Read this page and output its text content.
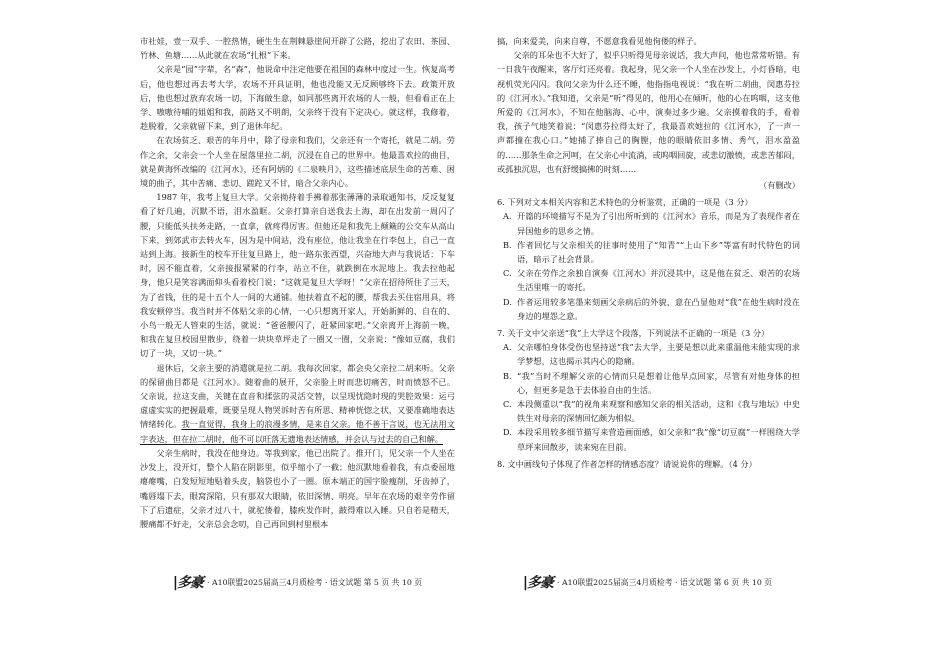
市社娃，壹一双手、一腔热情，硬生生在荆棘悬崖间开辟了公路，挖出了农田、茶园、竹林、鱼塘……从此就在农场“扎根”下来。

父亲是“园”字辈，名“森”，他说命中注定他要在祖国的森林中度过一生。恢复高考后，他也想过再去考大学，农场不开具证明，他也没能又无反顾够终下去。政策开放后，他也想过放弃农场一切，下海做生意，如同那些离开农场的人一般，但看看正在上学、嗷嗷待哺的姐姐和我，前路又不明朗，父亲终于没有下定决心。就这样，我修着，趁脱着，父亲就留下来，到了退休年纪。

在农场贫乏、艰苦的年月中，除了母亲和我们，父亲还有一个寄托，就是二胡。劳作之余，父亲会一个人坐在屋落里拉二胡，沉浸在自己的世界中。他最喜欢拉的曲目，就是黄海怀改编的《江河水》，还有阿炳的《二泉映月》，这些描述底层生命的苦难、困境的曲子，其中苦痛、悲切、蹉跎又不甘，暗合父亲内心。

1987 年，我考上复旦大学。父亲拗持着手拂着那张薄薄的录取通知书，反反复复看了好几遍，沉默不语，泪水盈眶。父亲打算亲自送我去上海，却在出发前一周闪了腰，只能低头扶务走路，一直拿，就疼得厉害。但他还是和我先上颠簸的公交车从高山下来，到郊武市去转火车，因为是中间站，没有座位，他让我坐在行李包上，自己一直站到上海。接新生的校车开往复旦路上，他一路东张西望，兴奋地大声与我说话：下车时，因不能直着，父亲接报紧紧的行李，站立不住，就跌倒在水泥地上。我去拉他起身，他只是笑容满面仰头看着校门说：“这就是复旦大学呀！”父亲在招待所住了三天，为了省钱，住的是十五个人一间的大通铺。他扶着直不起的腰，帮我去买住宿用具，将我安顿停当。我当时并不体贴父亲的心情，一心只想离开家人，开始新鲜的、自在的、小鸟一般无人管束的生活，就说：“爸爸腰闪了，赶紧回家吧。”父亲离开上海前一晚，和我在复旦校园里散步，绕着一块块草坪走了一圈又一圈，父亲说：“像如豆腐，我们切了一块，又切一块。”

退休后，父亲主要的消遣就是拉二胡。我每次回家，都会央父亲拉二胡来听。父亲的保留曲目都是《江河水》。随着曲的展开，父亲脸上时而悲切痛苦，时而愤怒不已。父亲说，拉这支曲，关键在直音和揉弦的灵活交替，以呈现忧隐时现的哭腔效果：运弓虚虚实实的把握最难，既要呈现人物哭诉时苦有所思、精神恍惚之状，又要准确地表达情绪转化。我一直觉得，我身上的浪漫多情，是来自父亲。他不善于言说，也无法用文字表达，但在拉二胡时，他不可以旺落无遗地表达情感，并会认与过去的自己和解。

父亲生病时，我没在他身边。等我到家，他已出院了。推开门，见父亲一个人坐在沙发上，没开灯，整个人陷在阴影里，似乎缩小了一截；他沉默地看着我，有点委屈地瘪瘪嘴，白发短短地贴着头皮，脑袋也小了一圈。原本端正的国字脸瘦削，牙齿掉了，嘴唇塌下去，眼窝深陷，只有那双大眼睛，依旧深情、明亮。早年在农场的艰辛劳作留下了后遗症，父亲才过八十，就驼偻着，膝疾发作时，跛得难以入睡。只自若是精天，腰痛都不好走，父亲总会念叨，自己再回到村里根本

|多豪 · A10联盟2025届高三4月质检考 · 语文试题 第 5 页 共 10 页

搞，向来爱美，向来自尊，不愿意我看见他佝偻的样子。

父亲的耳朵也不大好了，似乎只听得见母亲说话，我大声问，他也常常听错。有一日我午夜醒来，客厅灯还亮着。我起身，见父亲一个人坐在沙发上，小灯昏暗，电视机荧光闪闪。我问父亲为什么还不睡，他指指电视说：“我在听二胡曲，闵惠芬拉的《江河水》。”我知道，父亲是“听”得见的，他用心在倾听，他的心在呜咽，这支他所爱的《江河水》，不知在他脑海、心中，演奏过多少遍。父亲摸着我的手，看着我，孩子气地笑着说：“闵惠芬拉得太好了，我最喜欢她拉的《江河水》，了一声一声都撞在我心口。”她捕了捧自己的胸膛，他的眼睛依旧多情、秀气，泪水盈盈的……那条生命之河呵，在父亲心中流淌，或呜咽回旋，或悲切激愤，或悲苦郁闷，或孤独沉思，也有舒缓搞拂的时刻……

（有删改）

6. 下列对文本相关内容和艺术特色的分析鉴赏，正确的一项是（3 分）

A. 开篇的环境描写不是为了引出所听到的《江河水》音乐，而是为了表现作者在异国他乡的思乡之情。
B. 作者回忆与父亲相关的往事时使用了“知青”“上山下乡”等富有时代特色的词语，暗示了社会背景。
C. 父亲在劳作之余独自演奏《江河水》并沉浸其中，这是他在贫乏、艰苦的农场生活里唯一的寄托。
D. 作者运用较多笔墨来刻画父亲病后的外貌，意在凸显他对“我”在他生病时没在身边的埋怨之意。

7. 关于文中父亲送“我”上大学这个段落，下列说法不正确的一项是（3 分）

A. 父亲哪怕身体受伤也坚持送“我”去大学，主要是想以此来重温他未能实现的求学梦想，这也揭示其内心的隐痛。
B. “我”当时不理解父亲的心情而只是想着让他早点回家，尽管有对他身体的担心，但更多是急于去体验自由的生活。
C. 本段侧重以“我”的视角来观察和感知父亲的相关活动，这和《我与地坛》中史铁生对母亲的深情回忆颇为相似。
D. 本段采用较多细节描写来营造画面感，如父亲和“我”像“切豆腐”一样围绕大学草坪来回散步，读来宛在目前。

8. 文中画线句子体现了作者怎样的情感态度？请说说你的理解。（4 分）

|多豪 · A10联盟2025届高三4月质检考 · 语文试题 第 6 页 共 10 页
